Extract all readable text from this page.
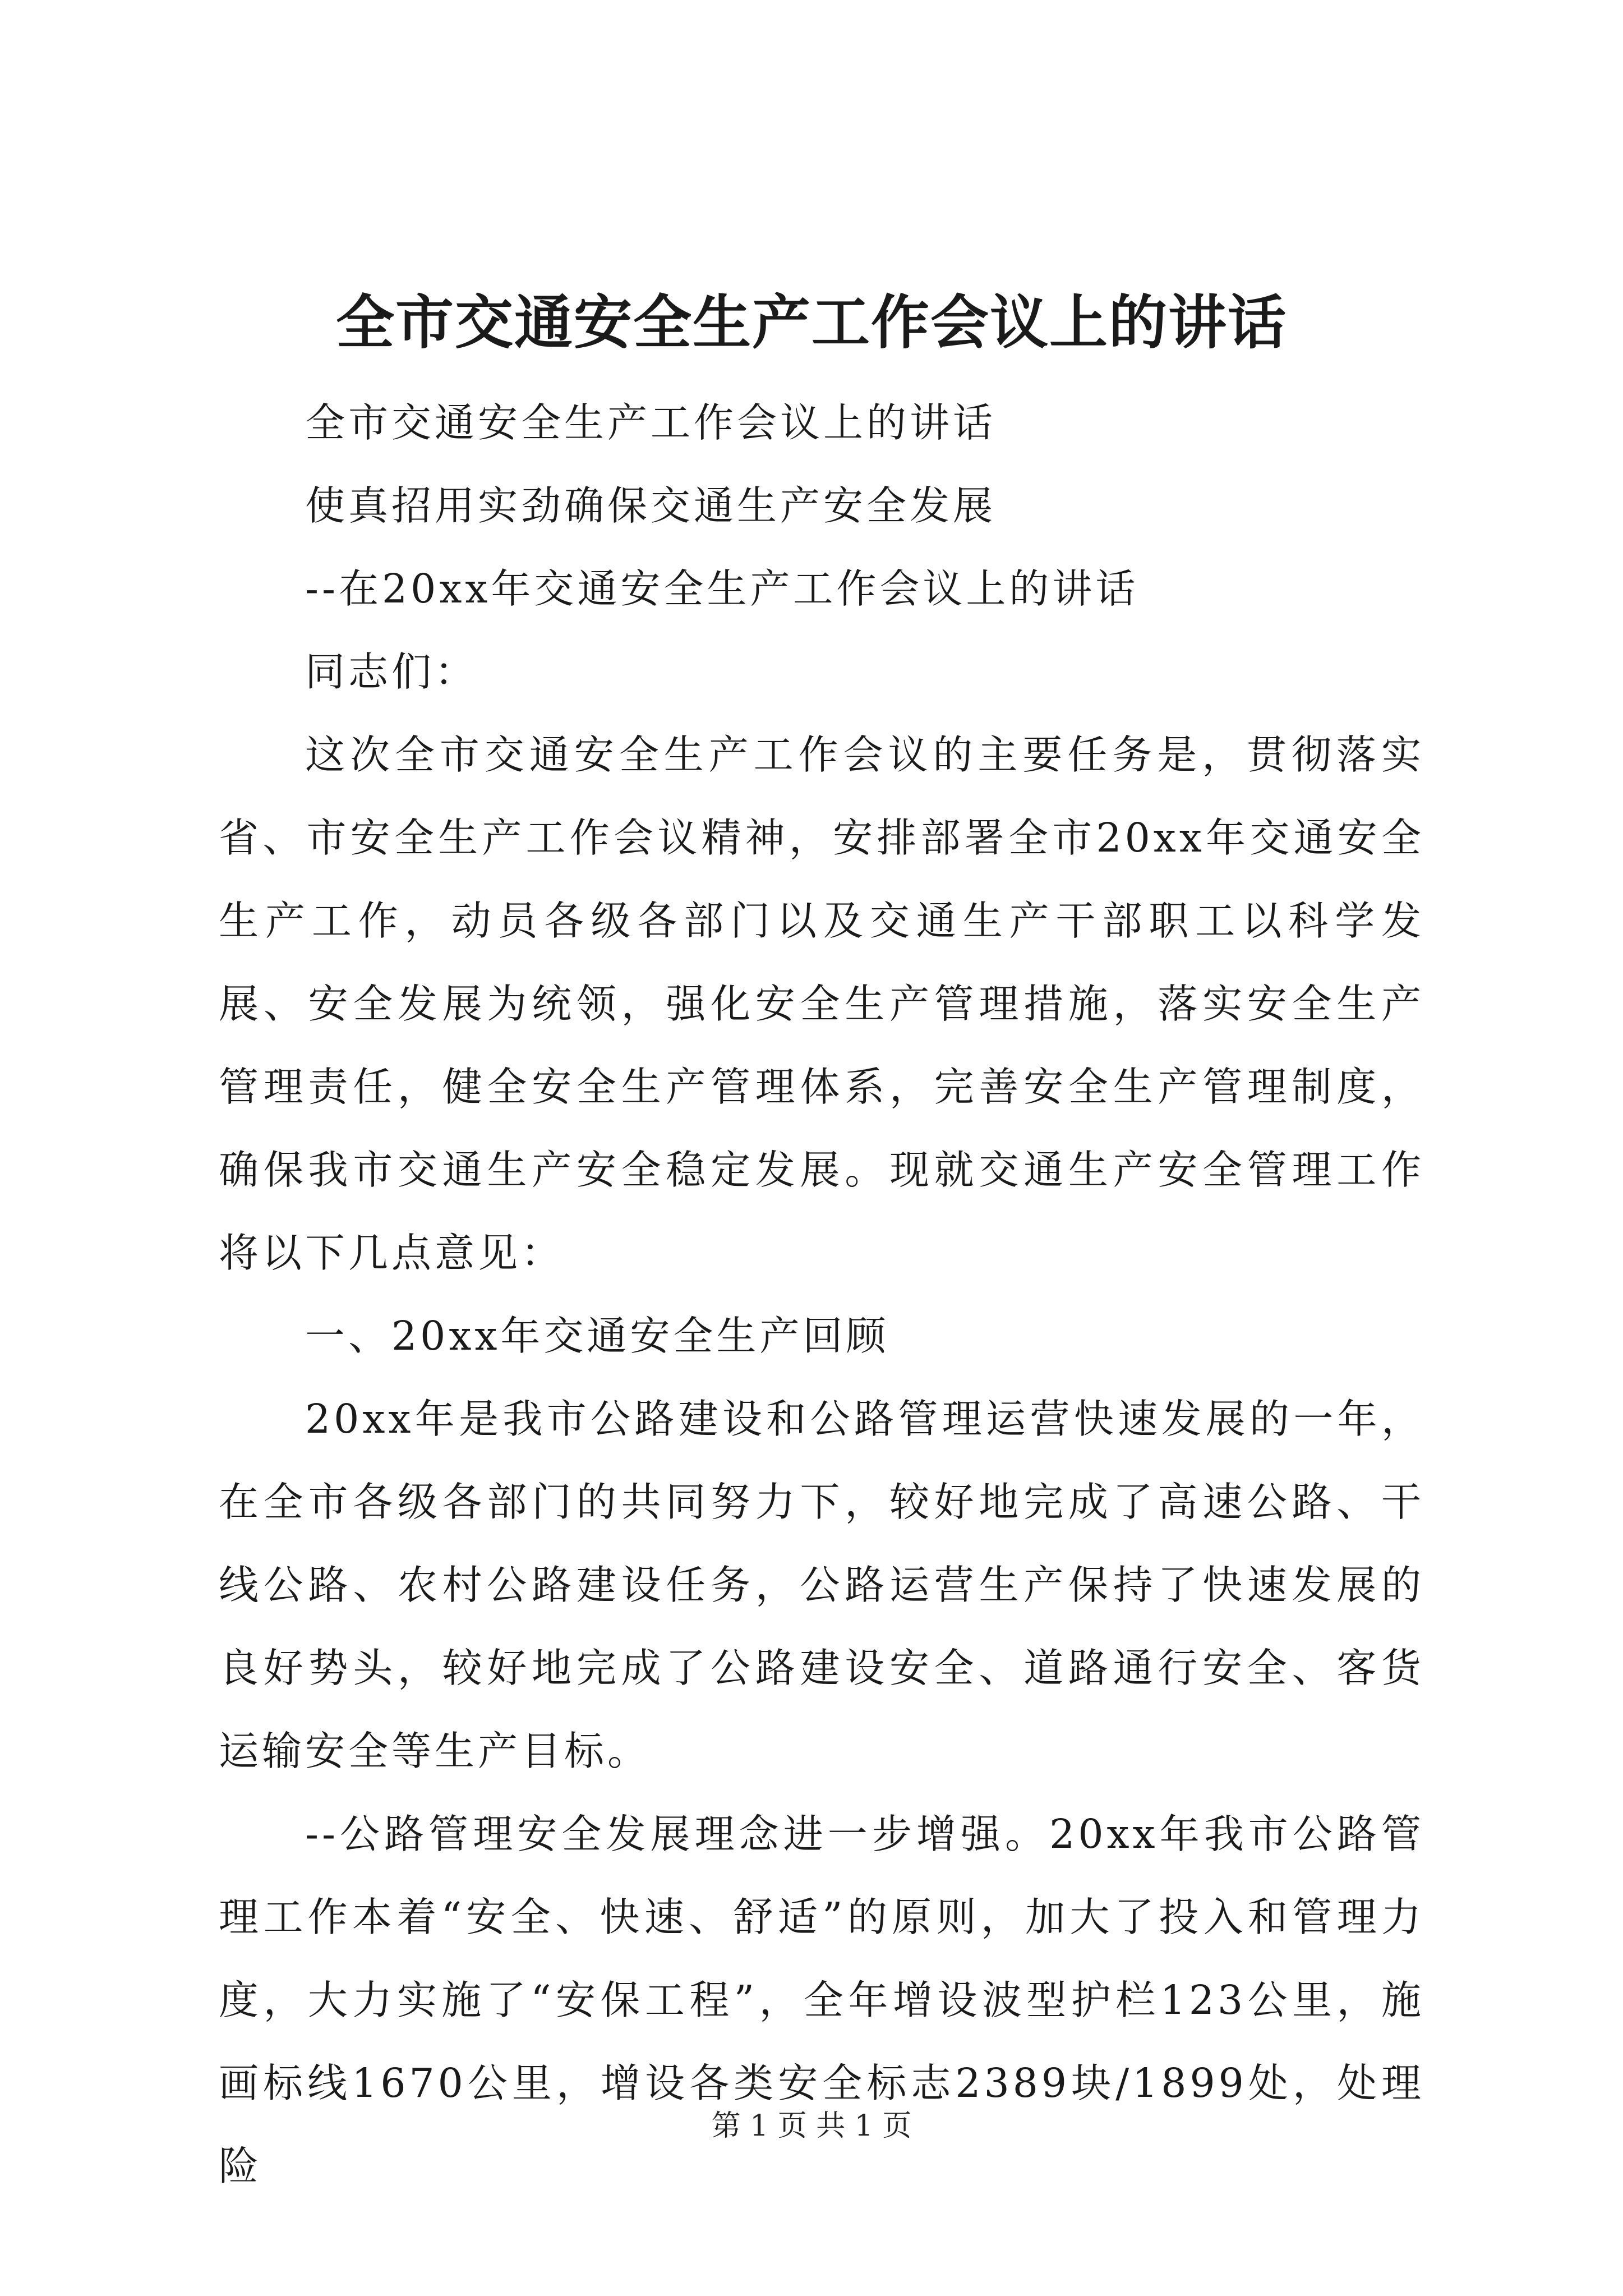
全市交通安全生产工作会议上的讲话

全市交通安全生产工作会议上的讲话

使真招用实劲确保交通生产安全发展

--在20xx年交通安全生产工作会议上的讲话

同志们：

这次全市交通安全生产工作会议的主要任务是，贯彻落实省、市安全生产工作会议精神，安排部署全市20xx年交通安全生产工作，动员各级各部门以及交通生产干部职工以科学发展、安全发展为统领，强化安全生产管理措施，落实安全生产管理责任，健全安全生产管理体系，完善安全生产管理制度，确保我市交通生产安全稳定发展。现就交通生产安全管理工作将以下几点意见：

一、20xx年交通安全生产回顾

20xx年是我市公路建设和公路管理运营快速发展的一年，在全市各级各部门的共同努力下，较好地完成了高速公路、干线公路、农村公路建设任务，公路运营生产保持了快速发展的良好势头，较好地完成了公路建设安全、道路通行安全、客货运输安全等生产目标。

--公路管理安全发展理念进一步增强。20xx年我市公路管理工作本着“安全、快速、舒适”的原则，加大了投入和管理力度，大力实施了“安保工程”，全年增设波型护栏123公里，施画标线1670公里，增设各类安全标志2389块/1899处，处理险

第 1 页 共 1 页
